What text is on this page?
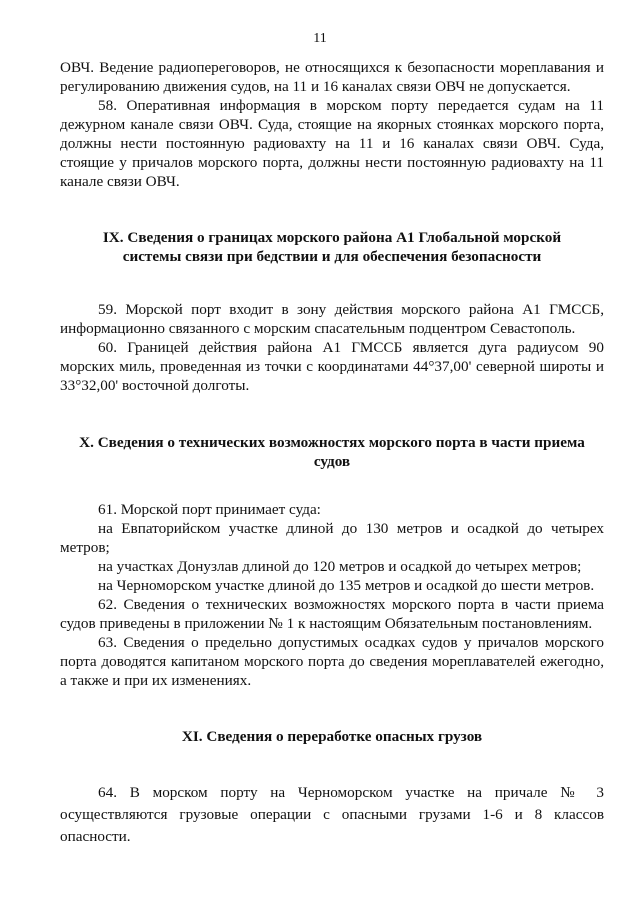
11

ОВЧ. Ведение радиопереговоров, не относящихся к безопасности мореплавания и регулированию движения судов, на 11 и 16 каналах связи ОВЧ не допускается.

58. Оперативная информация в морском порту передается судам на 11 дежурном канале связи ОВЧ. Суда, стоящие на якорных стоянках морского порта, должны нести постоянную радиовахту на 11 и 16 каналах связи ОВЧ. Суда, стоящие у причалов морского порта, должны нести постоянную радиовахту на 11 канале связи ОВЧ.

IX. Сведения о границах морского района А1 Глобальной морской системы связи при бедствии и для обеспечения безопасности

59. Морской порт входит в зону действия морского района А1 ГМССБ, информационно связанного с морским спасательным подцентром Севастополь.

60. Границей действия района А1 ГМССБ является дуга радиусом 90 морских миль, проведенная из точки с координатами 44°37,00' северной широты и 33°32,00' восточной долготы.

X. Сведения о технических возможностях морского порта в части приема судов

61. Морской порт принимает суда:

на Евпаторийском участке длиной до 130 метров и осадкой до четырех метров;

на участках Донузлав длиной до 120 метров и осадкой до четырех метров;

на Черноморском участке длиной до 135 метров и осадкой до шести метров.

62. Сведения о технических возможностях морского порта в части приема судов приведены в приложении № 1 к настоящим Обязательным постановлениям.

63. Сведения о предельно допустимых осадках судов у причалов морского порта доводятся капитаном морского порта до сведения мореплавателей ежегодно, а также и при их изменениях.

XI. Сведения о переработке опасных грузов

64. В морском порту на Черноморском участке на причале № 3 осуществляются грузовые операции с опасными грузами 1-6 и 8 классов опасности.
